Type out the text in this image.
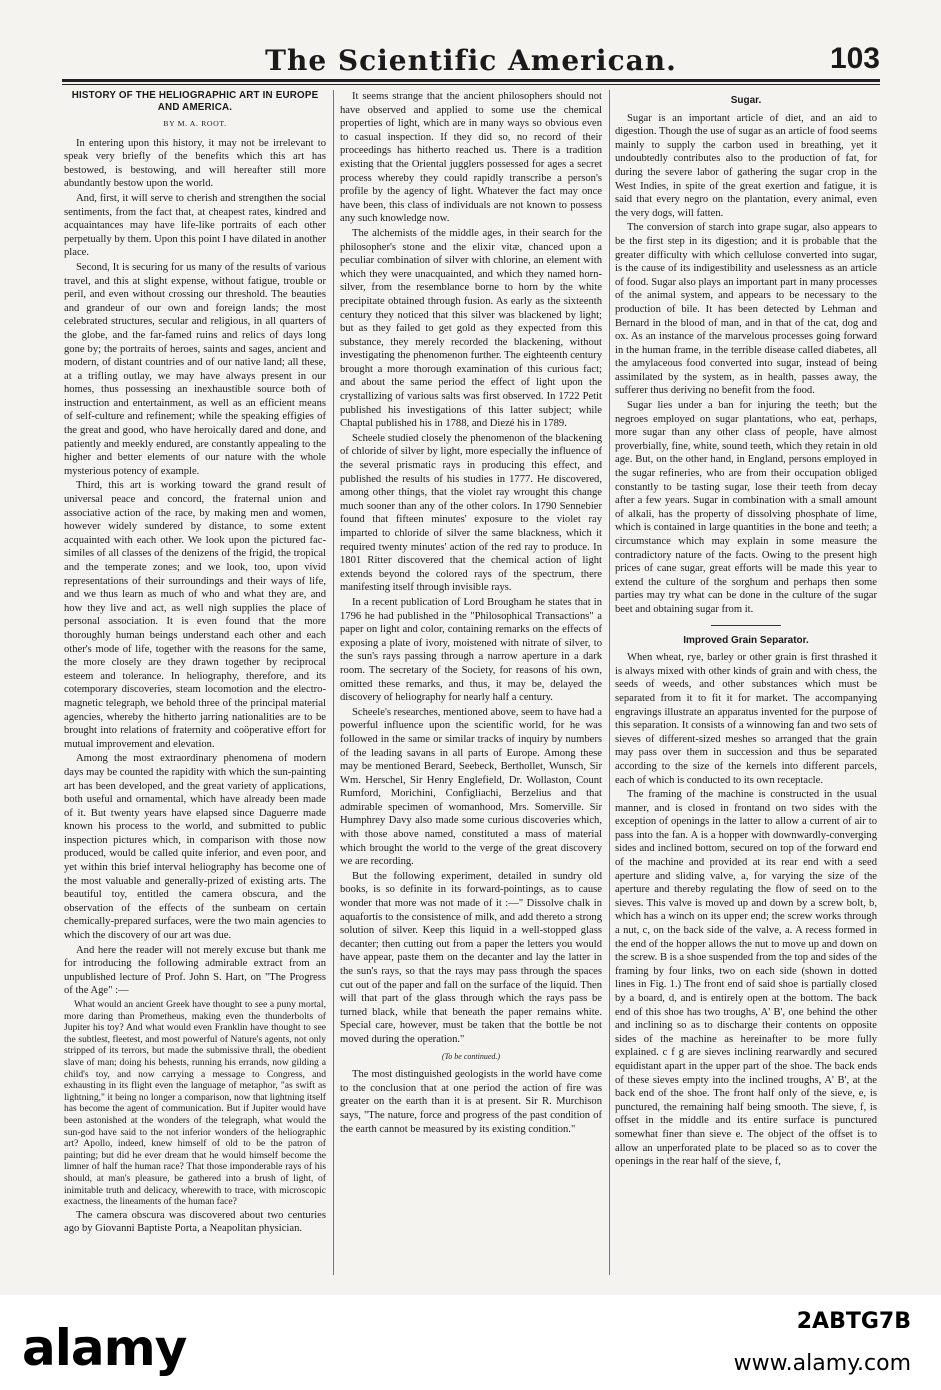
The Scientific American.	103
HISTORY OF THE HELIOGRAPHIC ART IN EUROPE AND AMERICA.
BY M. A. ROOT.

In entering upon this history, it may not be irrelevant to speak very briefly of the benefits which this art has bestowed, is bestowing, and will hereafter still more abundantly bestow upon the world.

And, first, it will serve to cherish and strengthen the social sentiments, from the fact that, at cheapest rates, kindred and acquaintances may have life-like portraits of each other perpetually by them. Upon this point I have dilated in another place.

Second, It is securing for us many of the results of various travel, and this at slight expense, without fatigue, trouble or peril, and even without crossing our threshold. The beauties and grandeur of our own and foreign lands; the most celebrated structures, secular and religious, in all quarters of the globe, and the far-famed ruins and relics of days long gone by; the portraits of heroes, saints and sages, ancient and modern, of distant countries and of our native land; all these, at a trifling outlay, we may have always present in our homes, thus possessing an inexhaustible source both of instruction and entertainment, as well as an efficient means of self-culture and refinement; while the speaking effigies of the great and good, who have heroically dared and done, and patiently and meekly endured, are constantly appealing to the higher and better elements of our nature with the whole mysterious potency of example.

Third, this art is working toward the grand result of universal peace and concord, the fraternal union and associative action of the race, by making men and women, however widely sundered by distance, to some extent acquainted with each other. We look upon the pictured fac-similes of all classes of the denizens of the frigid, the tropical and the temperate zones; and we look, too, upon vivid representations of their surroundings and their ways of life, and we thus learn as much of who and what they are, and how they live and act, as well nigh supplies the place of personal association. It is even found that the more thoroughly human beings understand each other and each other's mode of life, together with the reasons for the same, the more closely are they drawn together by reciprocal esteem and tolerance. In heliography, therefore, and its cotemporary discoveries, steam locomotion and the electro-magnetic telegraph, we behold three of the principal material agencies, whereby the hitherto jarring nationalities are to be brought into relations of fraternity and coöperative effort for mutual improvement and elevation.

Among the most extraordinary phenomena of modern days may be counted the rapidity with which the sun-painting art has been developed, and the great variety of applications, both useful and ornamental, which have already been made of it. But twenty years have elapsed since Daguerre made known his process to the world, and submitted to public inspection pictures which, in comparison with those now produced, would be called quite inferior, and even poor, and yet within this brief interval heliography has become one of the most valuable and generally-prized of existing arts. The beautiful toy, entitled the camera obscura, and the observation of the effects of the sunbeam on certain chemically-prepared surfaces, were the two main agencies to which the discovery of our art was due.

And here the reader will not merely excuse but thank me for introducing the following admirable extract from an unpublished lecture of Prof. John S. Hart, on "The Progress of the Age" :—

What would an ancient Greek have thought to see a puny mortal, more daring than Prometheus, making even the thunderbolts of Jupiter his toy? And what would even Franklin have thought to see the subtlest, fleetest, and most powerful of Nature's agents, not only stripped of its terrors, but made the submissive thrall, the obedient slave of man; doing his behests, running his errands, now gilding a child's toy, and now carrying a message to Congress, and exhausting in its flight even the language of metaphor, "as swift as lightning," it being no longer a comparison, now that lightning itself has become the agent of communication. But if Jupiter would have been astonished at the wonders of the telegraph, what would the sun-god have said to the not inferior wonders of the heliographic art? Apollo, indeed, knew himself of old to be the patron of painting; but did he ever dream that he would himself become the limner of half the human race? That those imponderable rays of his should, at man's pleasure, be gathered into a brush of light, of inimitable truth and delicacy, wherewith to trace, with microscopic exactness, the lineaments of the human face?

The camera obscura was discovered about two centuries ago by Giovanni Baptiste Porta, a Neapolitan physician.

It seems strange that the ancient philosophers should not have observed and applied to some use the chemical properties of light, which are in many ways so obvious even to casual inspection. If they did so, no record of their proceedings has hitherto reached us. There is a tradition existing that the Oriental jugglers possessed for ages a secret process whereby they could rapidly transcribe a person's profile by the agency of light. Whatever the fact may once have been, this class of individuals are not known to possess any such knowledge now.

The alchemists of the middle ages, in their search for the philosopher's stone and the elixir vitæ, chanced upon a peculiar combination of silver with chlorine, an element with which they were unacquainted, and which they named horn-silver, from the resemblance borne to horn by the white precipitate obtained through fusion. As early as the sixteenth century they noticed that this silver was blackened by light; but as they failed to get gold as they expected from this substance, they merely recorded the blackening, without investigating the phenomenon further. The eighteenth century brought a more thorough examination of this curious fact; and about the same period the effect of light upon the crystallizing of various salts was first observed. In 1722 Petit published his investigations of this latter subject; while Chaptal published his in 1788, and Diezé his in 1789.

Scheele studied closely the phenomenon of the blackening of chloride of silver by light, more especially the influence of the several prismatic rays in producing this effect, and published the results of his studies in 1777. He discovered, among other things, that the violet ray wrought this change much sooner than any of the other colors. In 1790 Sennebier found that fifteen minutes' exposure to the violet ray imparted to chloride of silver the same blackness, which it required twenty minutes' action of the red ray to produce. In 1801 Ritter discovered that the chemical action of light extends beyond the colored rays of the spectrum, there manifesting itself through invisible rays.

In a recent publication of Lord Brougham he states that in 1796 he had published in the "Philosophical Transactions" a paper on light and color, containing remarks on the effects of exposing a plate of ivory, moistened with nitrate of silver, to the sun's rays passing through a narrow aperture in a dark room. The secretary of the Society, for reasons of his own, omitted these remarks, and thus, it may be, delayed the discovery of heliography for nearly half a century.

Scheele's researches, mentioned above, seem to have had a powerful influence upon the scientific world, for he was followed in the same or similar tracks of inquiry by numbers of the leading savans in all parts of Europe. Among these may be mentioned Berard, Seebeck, Berthollet, Wunsch, Sir Wm. Herschel, Sir Henry Englefield, Dr. Wollaston, Count Rumford, Morichini, Configliachi, Berzelius and that admirable specimen of womanhood, Mrs. Somerville. Sir Humphrey Davy also made some curious discoveries which, with those above named, constituted a mass of material which brought the world to the verge of the great discovery we are recording.

But the following experiment, detailed in sundry old books, is so definite in its forward-pointings, as to cause wonder that more was not made of it :—" Dissolve chalk in aquafortis to the consistence of milk, and add thereto a strong solution of silver. Keep this liquid in a well-stopped glass decanter; then cutting out from a paper the letters you would have appear, paste them on the decanter and lay the latter in the sun's rays, so that the rays may pass through the spaces cut out of the paper and fall on the surface of the liquid. Then will that part of the glass through which the rays pass be turned black, while that beneath the paper remains white. Special care, however, must be taken that the bottle be not moved during the operation."

(To be continued.)

The most distinguished geologists in the world have come to the conclusion that at one period the action of fire was greater on the earth than it is at present. Sir R. Murchison says, "The nature, force and progress of the past condition of the earth cannot be measured by its existing condition."

Sugar.

Sugar is an important article of diet, and an aid to digestion. Though the use of sugar as an article of food seems mainly to supply the carbon used in breathing, yet it undoubtedly contributes also to the production of fat, for during the severe labor of gathering the sugar crop in the West Indies, in spite of the great exertion and fatigue, it is said that every negro on the plantation, every animal, even the very dogs, will fatten.

The conversion of starch into grape sugar, also appears to be the first step in its digestion; and it is probable that the greater difficulty with which cellulose converted into sugar, is the cause of its indigestibility and uselessness as an article of food. Sugar also plays an important part in many processes of the animal system, and appears to be necessary to the production of bile. It has been detected by Lehman and Bernard in the blood of man, and in that of the cat, dog and ox. As an instance of the marvelous processes going forward in the human frame, in the terrible disease called diabetes, all the amylaceous food converted into sugar, instead of being assimilated by the system, as in health, passes away, the sufferer thus deriving no benefit from the food.

Sugar lies under a ban for injuring the teeth; but the negroes employed on sugar plantations, who eat, perhaps, more sugar than any other class of people, have almost proverbially, fine, white, sound teeth, which they retain in old age. But, on the other hand, in England, persons employed in the sugar refineries, who are from their occupation obliged constantly to be tasting sugar, lose their teeth from decay after a few years. Sugar in combination with a small amount of alkali, has the property of dissolving phosphate of lime, which is contained in large quantities in the bone and teeth; a circumstance which may explain in some measure the contradictory nature of the facts. Owing to the present high prices of cane sugar, great efforts will be made this year to extend the culture of the sorghum and perhaps then some parties may try what can be done in the culture of the sugar beet and obtaining sugar from it.

Improved Grain Separator.

When wheat, rye, barley or other grain is first thrashed it is always mixed with other kinds of grain and with chess, the seeds of weeds, and other substances which must be separated from it to fit it for market. The accompanying engravings illustrate an apparatus invented for the purpose of this separation. It consists of a winnowing fan and two sets of sieves of different-sized meshes so arranged that the grain may pass over them in succession and thus be separated according to the size of the kernels into different parcels, each of which is conducted to its own receptacle.

The framing of the machine is constructed in the usual manner, and is closed in frontand on two sides with the exception of openings in the latter to allow a current of air to pass into the fan. A is a hopper with downwardly-converging sides and inclined bottom, secured on top of the forward end of the machine and provided at its rear end with a seed aperture and sliding valve, a, for varying the size of the aperture and thereby regulating the flow of seed on to the sieves. This valve is moved up and down by a screw bolt, b, which has a winch on its upper end; the screw works through a nut, c, on the back side of the valve, a. A recess formed in the end of the hopper allows the nut to move up and down on the screw. B is a shoe suspended from the top and sides of the framing by four links, two on each side (shown in dotted lines in Fig. 1.) The front end of said shoe is partially closed by a board, d, and is entirely open at the bottom. The back end of this shoe has two troughs, A' B', one behind the other and inclining so as to discharge their contents on opposite sides of the machine as hereinafter to be more fully explained. c f g are sieves inclining rearwardly and secured equidistant apart in the upper part of the shoe. The back ends of these sieves empty into the inclined troughs, A' B', at the back end of the shoe. The front half only of the sieve, e, is punctured, the remaining half being smooth. The sieve, f, is offset in the middle and its entire surface is punctured somewhat finer than sieve e. The object of the offset is to allow an unperforated plate to be placed so as to cover the openings in the rear half of the sieve, f,

alamy	2ABTG7B
www.alamy.com
